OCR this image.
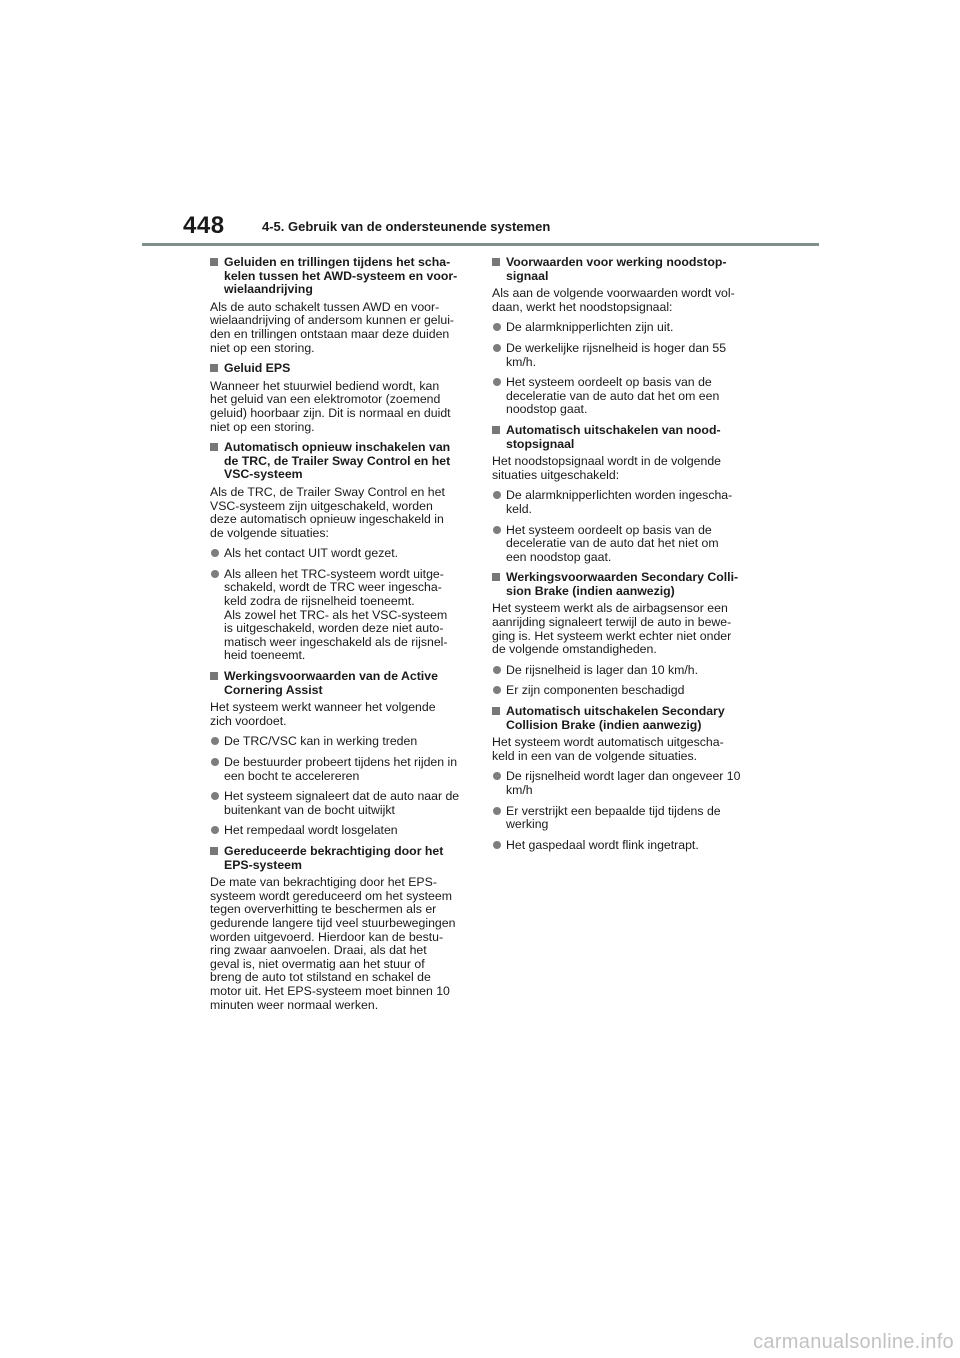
448	4-5. Gebruik van de ondersteunende systemen
Geluiden en trillingen tijdens het scha-
kelen tussen het AWD-systeem en voor-
wielaandrijving
Als de auto schakelt tussen AWD en voor-
wielaandrijving of andersom kunnen er gelui-
den en trillingen ontstaan maar deze duiden
niet op een storing.
Geluid EPS
Wanneer het stuurwiel bediend wordt, kan
het geluid van een elektromotor (zoemend
geluid) hoorbaar zijn. Dit is normaal en duidt
niet op een storing.
Automatisch opnieuw inschakelen van
de TRC, de Trailer Sway Control en het
VSC-systeem
Als de TRC, de Trailer Sway Control en het
VSC-systeem zijn uitgeschakeld, worden
deze automatisch opnieuw ingeschakeld in
de volgende situaties:
Als het contact UIT wordt gezet.
Als alleen het TRC-systeem wordt uitge-
schakeld, wordt de TRC weer ingescha-
keld zodra de rijsnelheid toeneemt.
Als zowel het TRC- als het VSC-systeem
is uitgeschakeld, worden deze niet auto-
matisch weer ingeschakeld als de rijsnel-
heid toeneemt.
Werkingsvoorwaarden van de Active
Cornering Assist
Het systeem werkt wanneer het volgende
zich voordoet.
De TRC/VSC kan in werking treden
De bestuurder probeert tijdens het rijden in
een bocht te accelereren
Het systeem signaleert dat de auto naar de
buitenkant van de bocht uitwijkt
Het rempedaal wordt losgelaten
Gereduceerde bekrachtiging door het
EPS-systeem
De mate van bekrachtiging door het EPS-
systeem wordt gereduceerd om het systeem
tegen oververhitting te beschermen als er
gedurende langere tijd veel stuurbewegingen
worden uitgevoerd. Hierdoor kan de bestu-
ring zwaar aanvoelen. Draai, als dat het
geval is, niet overmatig aan het stuur of
breng de auto tot stilstand en schakel de
motor uit. Het EPS-systeem moet binnen 10
minuten weer normaal werken.
Voorwaarden voor werking noodstop-
signaal
Als aan de volgende voorwaarden wordt vol-
daan, werkt het noodstopsignaal:
De alarmknipperlichten zijn uit.
De werkelijke rijsnelheid is hoger dan 55
km/h.
Het systeem oordeelt op basis van de
deceleratie van de auto dat het om een
noodstop gaat.
Automatisch uitschakelen van nood-
stopsignaal
Het noodstopsignaal wordt in de volgende
situaties uitgeschakeld:
De alarmknipperlichten worden ingescha-
keld.
Het systeem oordeelt op basis van de
deceleratie van de auto dat het niet om
een noodstop gaat.
Werkingsvoorwaarden Secondary Colli-
sion Brake (indien aanwezig)
Het systeem werkt als de airbagsensor een
aanrijding signaleert terwijl de auto in bewe-
ging is. Het systeem werkt echter niet onder
de volgende omstandigheden.
De rijsnelheid is lager dan 10 km/h.
Er zijn componenten beschadigd
Automatisch uitschakelen Secondary
Collision Brake (indien aanwezig)
Het systeem wordt automatisch uitgescha-
keld in een van de volgende situaties.
De rijsnelheid wordt lager dan ongeveer 10
km/h
Er verstrijkt een bepaalde tijd tijdens de
werking
Het gaspedaal wordt flink ingetrapt.
carmanualsonline.info
